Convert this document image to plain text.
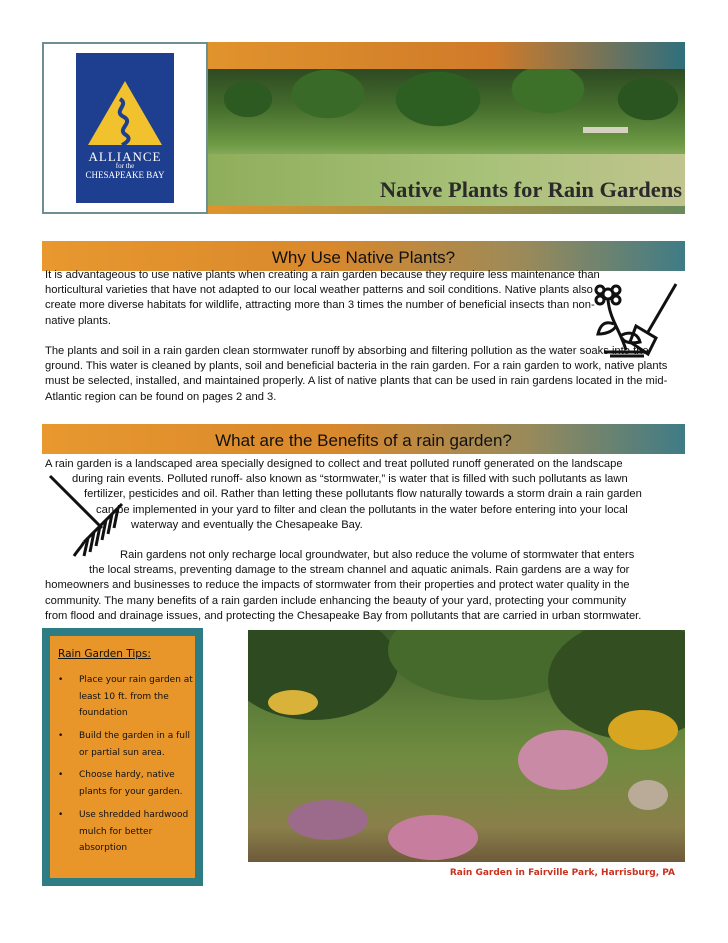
ALLIANCE
for the
CHESAPEAKE BAY
THE VOICE OF THE BAY	Native Plants for Rain Gardens
Why Use Native Plants?
It is advantageous to use native plants when creating a rain garden because they require less maintenance than horticultural varieties that have not adapted to our local weather patterns and soil conditions. Native plants also create more diverse habitats for wildlife, attracting more than 3 times the number of beneficial insects than non-native plants.
The plants and soil in a rain garden clean stormwater runoff by absorbing and filtering pollution as the water soaks into the ground. This water is cleaned by plants, soil and beneficial bacteria in the rain garden. For a rain garden to work, native plants must be selected, installed, and maintained properly. A list of native plants that can be used in rain gardens located in the mid-Atlantic region can be found on pages 2 and 3.
What are the Benefits of a rain garden?
A rain garden is a landscaped area specially designed to collect and treat polluted runoff generated on the landscape
during rain events. Polluted runoff- also known as “stormwater,” is water that is filled with such pollutants as lawn
fertilizer, pesticides and oil. Rather than letting these pollutants flow naturally towards a storm drain a rain garden
can be implemented in your yard to filter and clean the pollutants in the water before entering into your local
waterway and eventually the Chesapeake Bay.
Rain gardens not only recharge local groundwater, but also reduce the volume of stormwater that enters
the local streams, preventing damage to the stream channel and aquatic animals. Rain gardens are a way for
homeowners and businesses to reduce the impacts of stormwater from their properties and protect water quality in the
community. The many benefits of a rain garden include enhancing the beauty of your yard, protecting your community
from flood and drainage issues, and protecting the Chesapeake Bay from pollutants that are carried in urban stormwater.
Rain Garden Tips:
• Place your rain garden at least 10 ft. from the foundation
• Build the garden in a full or partial sun area.
• Choose hardy, native plants for your garden.
• Use shredded hardwood mulch for better absorption
Rain Garden in Fairville Park, Harrisburg, PA
